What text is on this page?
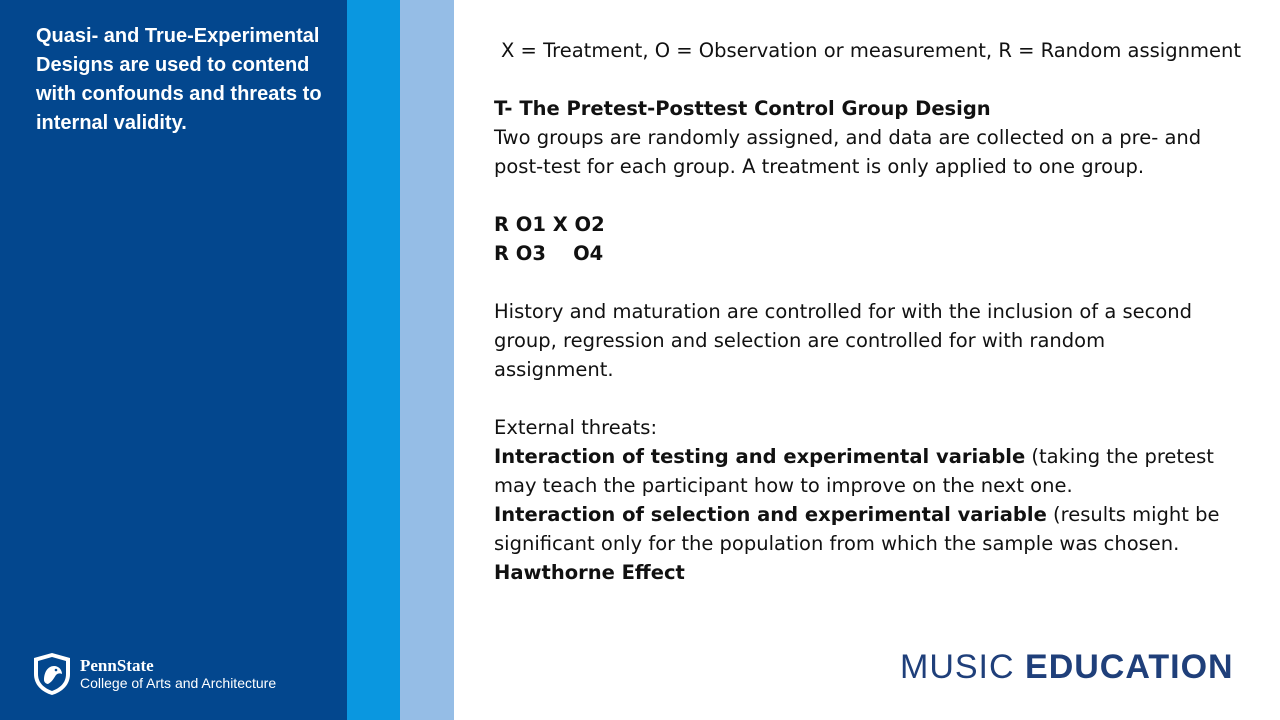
Quasi- and True-Experimental Designs are used to contend with confounds and threats to internal validity.
PennState
College of Arts and Architecture
X = Treatment, O = Observation or measurement, R = Random assignment
T- The Pretest-Posttest Control Group Design
Two groups are randomly assigned, and data are collected on a pre- and
post-test for each group. A treatment is only applied to one group.
R O1 X O2
R O3    O4
History and maturation are controlled for with the inclusion of a second
group, regression and selection are controlled for with random
assignment.
External threats:
Interaction of testing and experimental variable (taking the pretest
may teach the participant how to improve on the next one.
Interaction of selection and experimental variable (results might be
significant only for the population from which the sample was chosen.
Hawthorne Effect
MUSIC EDUCATION
